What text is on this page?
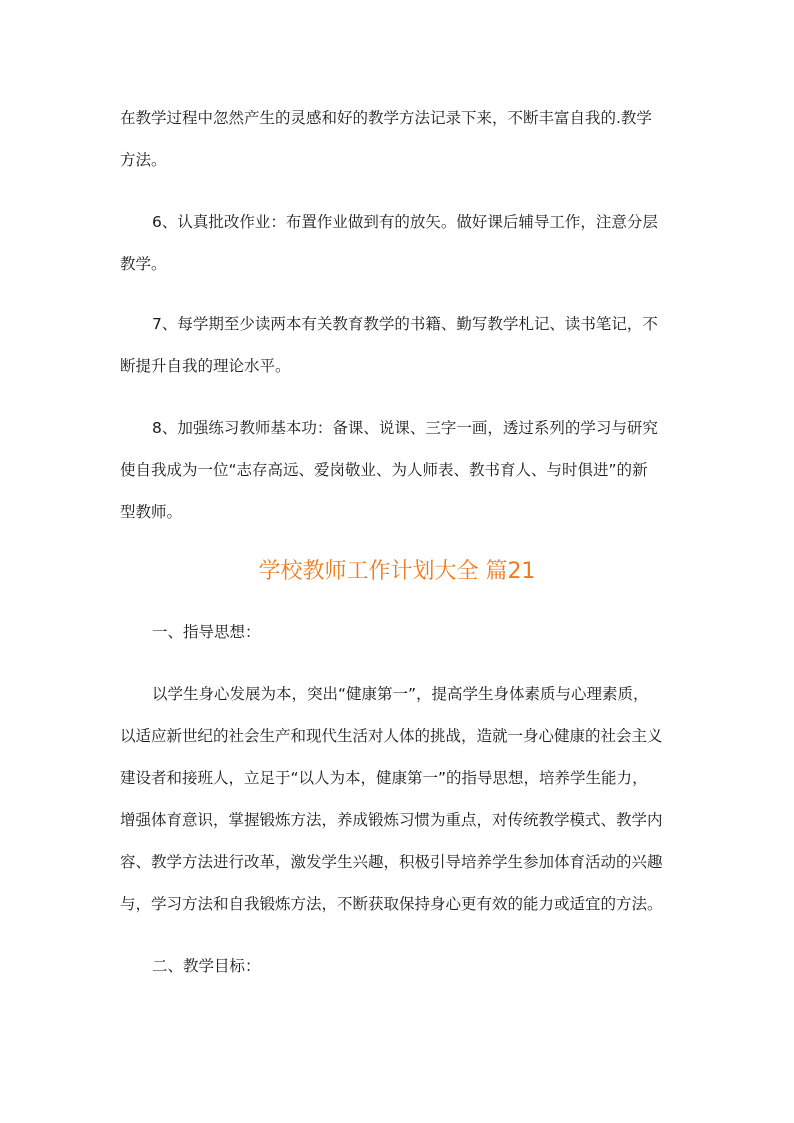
在教学过程中忽然产生的灵感和好的教学方法记录下来，不断丰富自我的.教学
方法。
6、认真批改作业：布置作业做到有的放矢。做好课后辅导工作，注意分层
教学。
7、每学期至少读两本有关教育教学的书籍、勤写教学札记、读书笔记，不
断提升自我的理论水平。
8、加强练习教师基本功：备课、说课、三字一画，透过系列的学习与研究
使自我成为一位“志存高远、爱岗敬业、为人师表、教书育人、与时俱进”的新
型教师。
学校教师工作计划大全 篇21
一、指导思想：
以学生身心发展为本，突出“健康第一”，提高学生身体素质与心理素质，
以适应新世纪的社会生产和现代生活对人体的挑战，造就一身心健康的社会主义
建设者和接班人，立足于“以人为本，健康第一”的指导思想，培养学生能力，
增强体育意识，掌握锻炼方法，养成锻炼习惯为重点，对传统教学模式、教学内
容、教学方法进行改革，激发学生兴趣，积极引导培养学生参加体育活动的兴趣
与，学习方法和自我锻炼方法，不断获取保持身心更有效的能力或适宜的方法。
二、教学目标：
